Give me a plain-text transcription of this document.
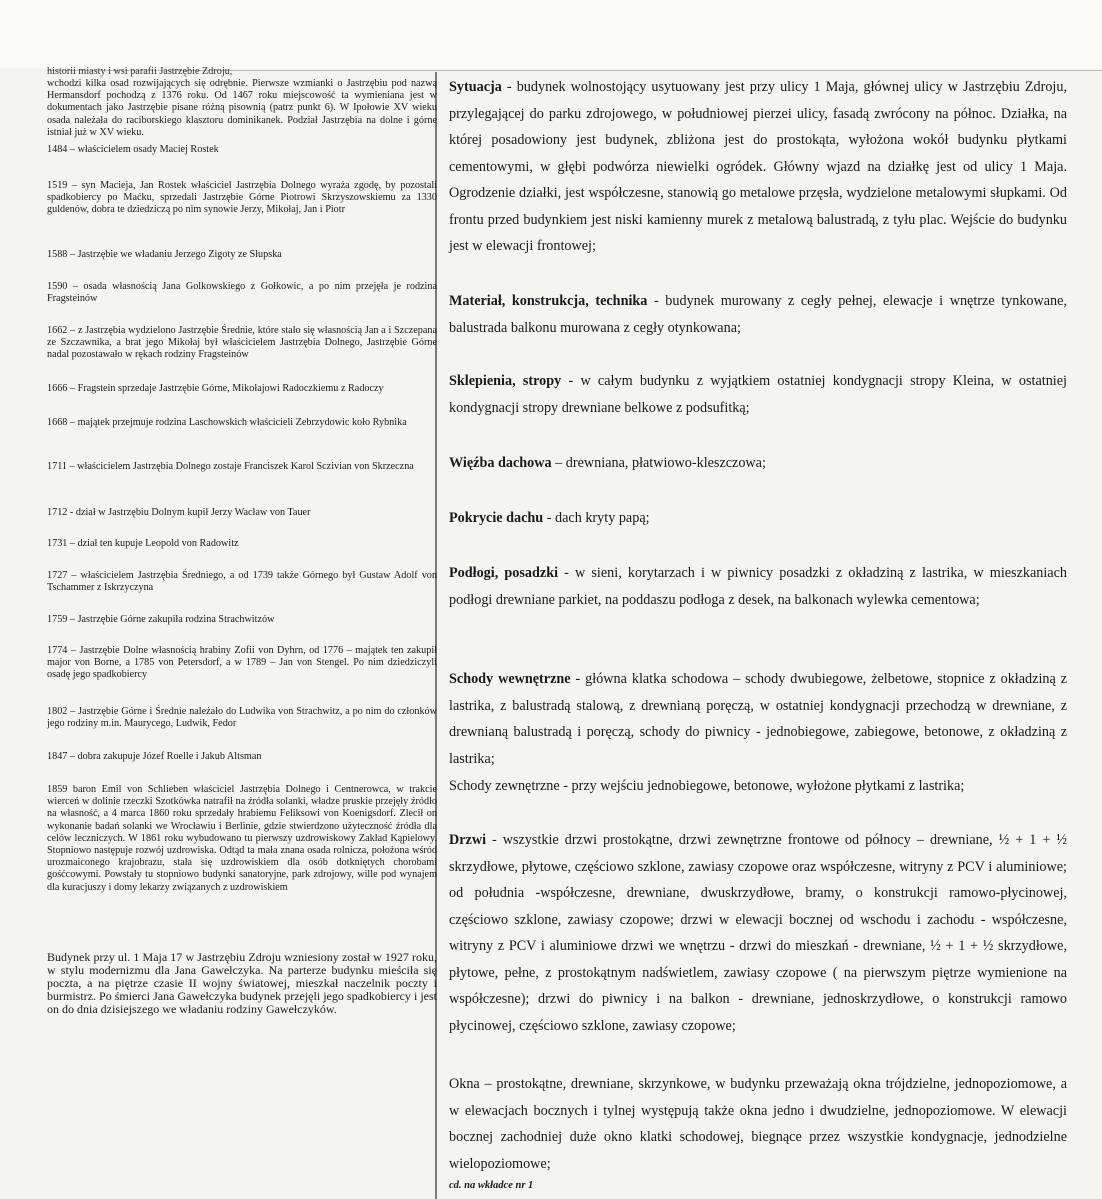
historii miasty i wsi parafii Jastrzębie Zdroju,

wchodzi kilka osad rozwijających się odrębnie. Pierwsze wzmianki o Jastrzębiu pod nazwą Hermansdorf pochodzą z 1376 roku. Od 1467 roku miejscowość ta wymieniana jest w dokumentach jako Jastrzębie pisane różną pisownią (patrz punkt 6). W Ipołowie XV wieku osada należała do raciborskiego klasztoru dominikanek. Podział Jastrzębia na dolne i górne istniał już w XV wieku.

1484 – właścicielem osady Maciej Rostek

1519 – syn Macieja, Jan Rostek właściciel Jastrzębia Dolnego wyraża zgodę, by pozostali spadkobiercy po Maćku, sprzedali Jastrzębie Górne Piotrowi Skrzyszowskiemu za 1330 guldenów, dobra te dziedziczą po nim synowie Jerzy, Mikołaj, Jan i Piotr

1588 – Jastrzębie we władaniu Jerzego Zigoty ze Słupska

1590 – osada własnością Jana Golkowskiego z Gołkowic, a po nim przejęła je rodzina Fragsteinów

1662 – z Jastrzębia wydzielono Jastrzębie Średnie, które stało się własnością Jan a i Szczepana ze Szczawnika, a brat jego Mikołaj był właścicielem Jastrzębia Dolnego, Jastrzębie Górne nadal pozostawało w rękach rodziny Fragsteinów

1666 – Fragstein sprzedaje Jastrzębie Górne, Mikołajowi Radoczkiemu z Radoczy

1668 – majątek przejmuje rodzina Laschowskich właścicieli Zebrzydowic koło Rybnika

1711 – właścicielem Jastrzębia Dolnego zostaje Franciszek Karol Sczivian von Skrzeczna

1712 - dział w Jastrzębiu Dolnym kupił Jerzy Wacław von Tauer

1731 – dział ten kupuje Leopold von Radowitz

1727 – właścicielem Jastrzębia Średniego, a od 1739 także Górnego był Gustaw Adolf von Tschammer z Iskrzyczyna

1759 – Jastrzębie Górne zakupiła rodzina Strachwitzów

1774 – Jastrzębie Dolne własnością hrabiny Zofii von Dyhrn, od 1776 – majątek ten zakupił major von Borne, a 1785 von Petersdorf, a w 1789 – Jan von Stengel. Po nim dziedziczyli osadę jego spadkobiercy

1802 – Jastrzębie Górne i Średnie należało do Ludwika von Strachwitz, a po nim do członków jego rodziny m.in. Maurycego, Ludwik, Fedor

1847 – dobra zakupuje Józef Roelle i Jakub Altsman

1859 baron Emil von Schlieben właściciel Jastrzębia Dolnego i Centnerowca, w trakcie wierceń w dolinie rzeczki Szotkówka natrafił na źródła solanki, władze pruskie przejęły źródło na własność, a 4 marca 1860 roku sprzedały hrabiemu Feliksowi von Koenigsdorf. Zlecił on wykonanie badań solanki we Wrocławiu i Berlinie, gdzie stwierdzono użyteczność źródła dla celów leczniczych. W 1861 roku wybudowano tu pierwszy uzdrowiskowy Zakład Kąpielowy. Stopniowo następuje rozwój uzdrowiska. Odtąd ta mała znana osada rolnicza, położona wśród urozmaiconego krajobrazu, stała się uzdrowiskiem dla osób dotkniętych chorobami gośćcowymi. Powstały tu stopniowo budynki sanatoryjne, park zdrojowy, wille pod wynajem dla kuracjuszy i domy lekarzy związanych z uzdrowiskiem

Budynek przy ul. 1 Maja 17 w Jastrzębiu Zdroju wzniesiony został w 1927 roku, w stylu modernizmu dla Jana Gawełczyka. Na parterze budynku mieściła się poczta, a na piętrze czasie II wojny światowej, mieszkał naczelnik poczty i burmistrz. Po śmierci Jana Gawełczyka budynek przejęli jego spadkobiercy i jest on do dnia dzisiejszego we władaniu rodziny Gawełczyków.

Sytuacja - budynek wolnostojący usytuowany jest przy ulicy 1 Maja, głównej ulicy w Jastrzębiu Zdroju, przylegającej do parku zdrojowego, w południowej pierzei ulicy, fasadą zwrócony na północ. Działka, na której posadowiony jest budynek, zbliżona jest do prostokąta, wyłożona wokół budynku płytkami cementowymi, w głębi podwórza niewielki ogródek. Główny wjazd na działkę jest od ulicy 1 Maja. Ogrodzenie działki, jest współczesne, stanowią go metalowe przęsła, wydzielone metalowymi słupkami. Od frontu przed budynkiem jest niski kamienny murek z metalową balustradą, z tyłu plac. Wejście do budynku jest w elewacji frontowej;

Materiał, konstrukcja, technika - budynek murowany z cegły pełnej, elewacje i wnętrze tynkowane, balustrada balkonu murowana z cegły otynkowana;

Sklepienia, stropy - w całym budynku z wyjątkiem ostatniej kondygnacji stropy Kleina, w ostatniej kondygnacji stropy drewniane belkowe z podsufitką;

Więźba dachowa – drewniana, płatwiowo-kleszczowa;

Pokrycie dachu - dach kryty papą;

Podłogi, posadzki - w sieni, korytarzach i w piwnicy posadzki z okładziną z lastrika, w mieszkaniach podłogi drewniane parkiet, na poddaszu podłoga z desek, na balkonach wylewka cementowa;

Schody wewnętrzne - główna klatka schodowa – schody dwubiegowe, żelbetowe, stopnice z okładziną z lastrika, z balustradą stalową, z drewnianą poręczą, w ostatniej kondygnacji przechodzą w drewniane, z drewnianą balustradą i poręczą, schody do piwnicy - jednobiegowe, zabiegowe, betonowe, z okładziną z lastrika;

Schody zewnętrzne - przy wejściu jednobiegowe, betonowe, wyłożone płytkami z lastrika;

Drzwi - wszystkie drzwi prostokątne, drzwi zewnętrzne frontowe od północy – drewniane, ½ + 1 + ½ skrzydłowe, płytowe, częściowo szklone, zawiasy czopowe oraz współczesne, witryny z PCV i aluminiowe; od południa -współczesne, drewniane, dwuskrzydłowe, bramy, o konstrukcji ramowo-płycinowej, częściowo szklone, zawiasy czopowe; drzwi w elewacji bocznej od wschodu i zachodu - współczesne, witryny z PCV i aluminiowe drzwi we wnętrzu - drzwi do mieszkań - drewniane, ½ + 1 + ½ skrzydłowe, płytowe, pełne, z prostokątnym nadświetlem, zawiasy czopowe ( na pierwszym piętrze wymienione na współczesne); drzwi do piwnicy i na balkon - drewniane, jednoskrzydłowe, o konstrukcji ramowo płycinowej, częściowo szklone, zawiasy czopowe;

Okna – prostokątne, drewniane, skrzynkowe, w budynku przeważają okna trójdzielne, jednopoziomowe, a w elewacjach bocznych i tylnej występują także okna jedno i dwudzielne, jednopoziomowe. W elewacji bocznej zachodniej duże okno klatki schodowej, biegnące przez wszystkie kondygnacje, jednodzielne wielopoziomowe;

cd. na wkładce nr 1
